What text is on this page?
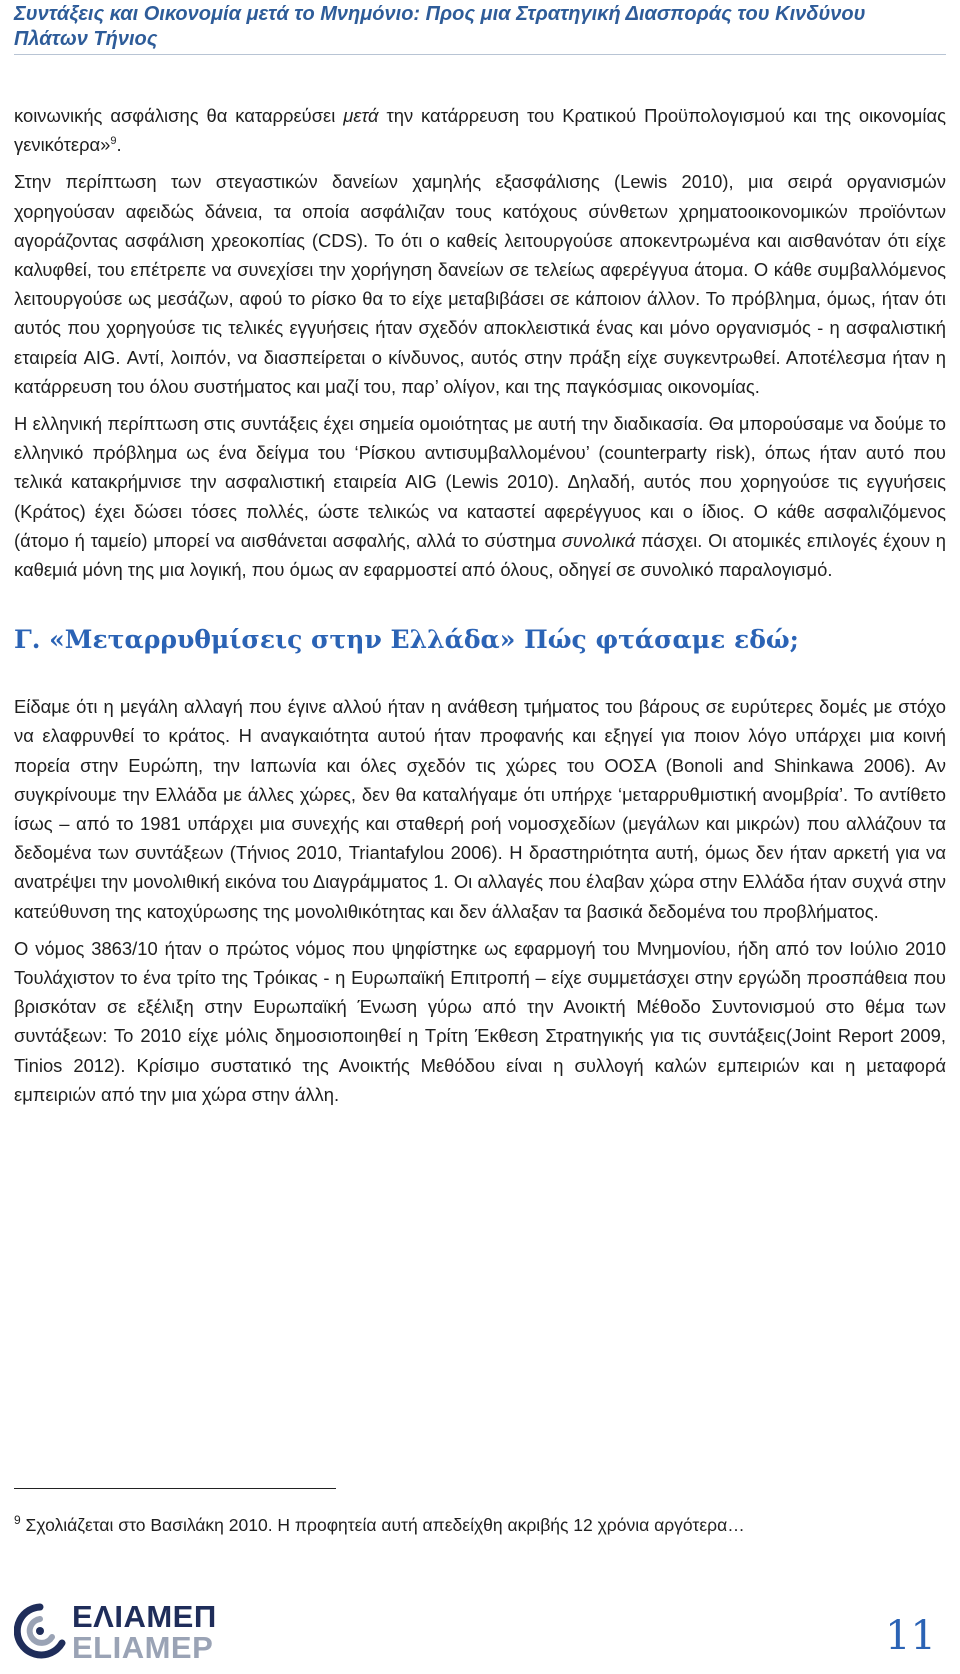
Συντάξεις και Οικονομία μετά το Μνημόνιο: Προς μια Στρατηγική Διασποράς του Κινδύνου
Πλάτων Τήνιος

κοινωνικής ασφάλισης θα καταρρεύσει μετά την κατάρρευση του Κρατικού Προϋπολογισμού και της οικονομίας γενικότερα»$^9$.

Στην περίπτωση των στεγαστικών δανείων χαμηλής εξασφάλισης (Lewis 2010), μια σειρά οργανισμών χορηγούσαν αφειδώς δάνεια, τα οποία ασφάλιζαν τους κατόχους σύνθετων χρηματοοικονομικών προϊόντων αγοράζοντας ασφάλιση χρεοκοπίας (CDS). Το ότι ο καθείς λειτουργούσε αποκεντρωμένα και αισθανόταν ότι είχε καλυφθεί, του επέτρεπε να συνεχίσει την χορήγηση δανείων σε τελείως αφερέγγυα άτομα. Ο κάθε συμβαλλόμενος λειτουργούσε ως μεσάζων, αφού το ρίσκο θα το είχε μεταβιβάσει σε κάποιον άλλον. Το πρόβλημα, όμως, ήταν ότι αυτός που χορηγούσε τις τελικές εγγυήσεις ήταν σχεδόν αποκλειστικά ένας και μόνο οργανισμός - η ασφαλιστική εταιρεία AIG. Αντί, λοιπόν, να διασπείρεται ο κίνδυνος, αυτός στην πράξη είχε συγκεντρωθεί. Αποτέλεσμα ήταν η κατάρρευση του όλου συστήματος και μαζί του, παρ’ ολίγον, και της παγκόσμιας οικονομίας.

Η ελληνική περίπτωση στις συντάξεις έχει σημεία ομοιότητας με αυτή την διαδικασία. Θα μπορούσαμε να δούμε το ελληνικό πρόβλημα ως ένα δείγμα του ‘Ρίσκου αντισυμβαλλομένου’ (counterparty risk), όπως ήταν αυτό που τελικά κατακρήμνισε την ασφαλιστική εταιρεία AIG (Lewis 2010). Δηλαδή, αυτός που χορηγούσε τις εγγυήσεις (Κράτος) έχει δώσει τόσες πολλές, ώστε τελικώς να καταστεί αφερέγγυος και ο ίδιος. Ο κάθε ασφαλιζόμενος (άτομο ή ταμείο) μπορεί να αισθάνεται ασφαλής, αλλά το σύστημα συνολικά πάσχει. Οι ατομικές επιλογές έχουν η καθεμιά μόνη της μια λογική, που όμως αν εφαρμοστεί από όλους, οδηγεί σε συνολικό παραλογισμό.

Γ. «Μεταρρυθμίσεις στην Ελλάδα» Πώς φτάσαμε εδώ;

Είδαμε ότι η μεγάλη αλλαγή που έγινε αλλού ήταν η ανάθεση τμήματος του βάρους σε ευρύτερες δομές με στόχο να ελαφρυνθεί το κράτος. Η αναγκαιότητα αυτού ήταν προφανής και εξηγεί για ποιον λόγο υπάρχει μια κοινή πορεία στην Ευρώπη, την Ιαπωνία και όλες σχεδόν τις χώρες του ΟΟΣΑ (Bonoli and Shinkawa 2006). Αν συγκρίνουμε την Ελλάδα με άλλες χώρες, δεν θα καταλήγαμε ότι υπήρχε ‘μεταρρυθμιστική ανομβρία’. Το αντίθετο ίσως – από το 1981 υπάρχει μια συνεχής και σταθερή ροή νομοσχεδίων (μεγάλων και μικρών) που αλλάζουν τα δεδομένα των συντάξεων (Τήνιος 2010, Triantafylou 2006). Η δραστηριότητα αυτή, όμως δεν ήταν αρκετή για να ανατρέψει την μονολιθική εικόνα του Διαγράμματος 1. Οι αλλαγές που έλαβαν χώρα στην Ελλάδα ήταν συχνά στην κατεύθυνση της κατοχύρωσης της μονολιθικότητας και δεν άλλαξαν τα βασικά δεδομένα του προβλήματος.

Ο νόμος 3863/10 ήταν ο πρώτος νόμος που ψηφίστηκε ως εφαρμογή του Μνημονίου, ήδη από τον Ιούλιο 2010 Τουλάχιστον το ένα τρίτο της Τρόικας - η Ευρωπαϊκή Επιτροπή – είχε συμμετάσχει στην εργώδη προσπάθεια που βρισκόταν σε εξέλιξη στην Ευρωπαϊκή Ένωση γύρω από την Ανοικτή Μέθοδο Συντονισμού στο θέμα των συντάξεων: Το 2010 είχε μόλις δημοσιοποιηθεί η Τρίτη Έκθεση Στρατηγικής για τις συντάξεις(Joint Report 2009, Tinios 2012). Κρίσιμο συστατικό της Ανοικτής Μεθόδου είναι η συλλογή καλών εμπειριών και η μεταφορά εμπειριών από την μια χώρα στην άλλη.

$^9$ Σχολιάζεται στο Βασιλάκη 2010. Η προφητεία αυτή απεδείχθη ακριβής 12 χρόνια αργότερα…
ΕΛΙΑΜΕΠ
ELIAMEP	11
